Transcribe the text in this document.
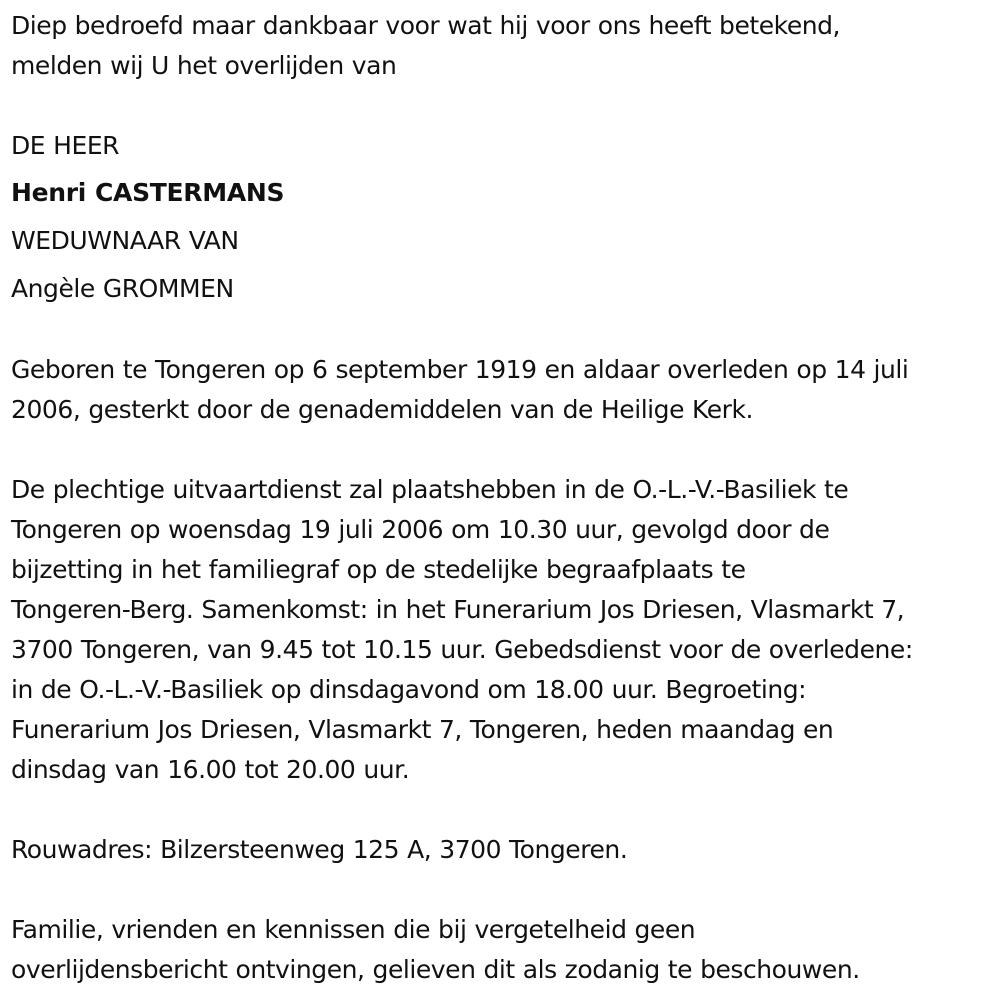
Diep bedroefd maar dankbaar voor wat hij voor ons heeft betekend,
melden wij U het overlijden van
DE HEER
Henri CASTERMANS
WEDUWNAAR VAN
Angèle GROMMEN
Geboren te Tongeren op 6 september 1919 en aldaar overleden op 14 juli
2006, gesterkt door de genademiddelen van de Heilige Kerk.
De plechtige uitvaartdienst zal plaatshebben in de O.-L.-V.-Basiliek te
Tongeren op woensdag 19 juli 2006 om 10.30 uur, gevolgd door de
bijzetting in het familiegraf op de stedelijke begraafplaats te
Tongeren-Berg. Samenkomst: in het Funerarium Jos Driesen, Vlasmarkt 7,
3700 Tongeren, van 9.45 tot 10.15 uur. Gebedsdienst voor de overledene:
in de O.-L.-V.-Basiliek op dinsdagavond om 18.00 uur. Begroeting:
Funerarium Jos Driesen, Vlasmarkt 7, Tongeren, heden maandag en
dinsdag van 16.00 tot 20.00 uur.
Rouwadres: Bilzersteenweg 125 A, 3700 Tongeren.
Familie, vrienden en kennissen die bij vergetelheid geen
overlijdensbericht ontvingen, gelieven dit als zodanig te beschouwen.
